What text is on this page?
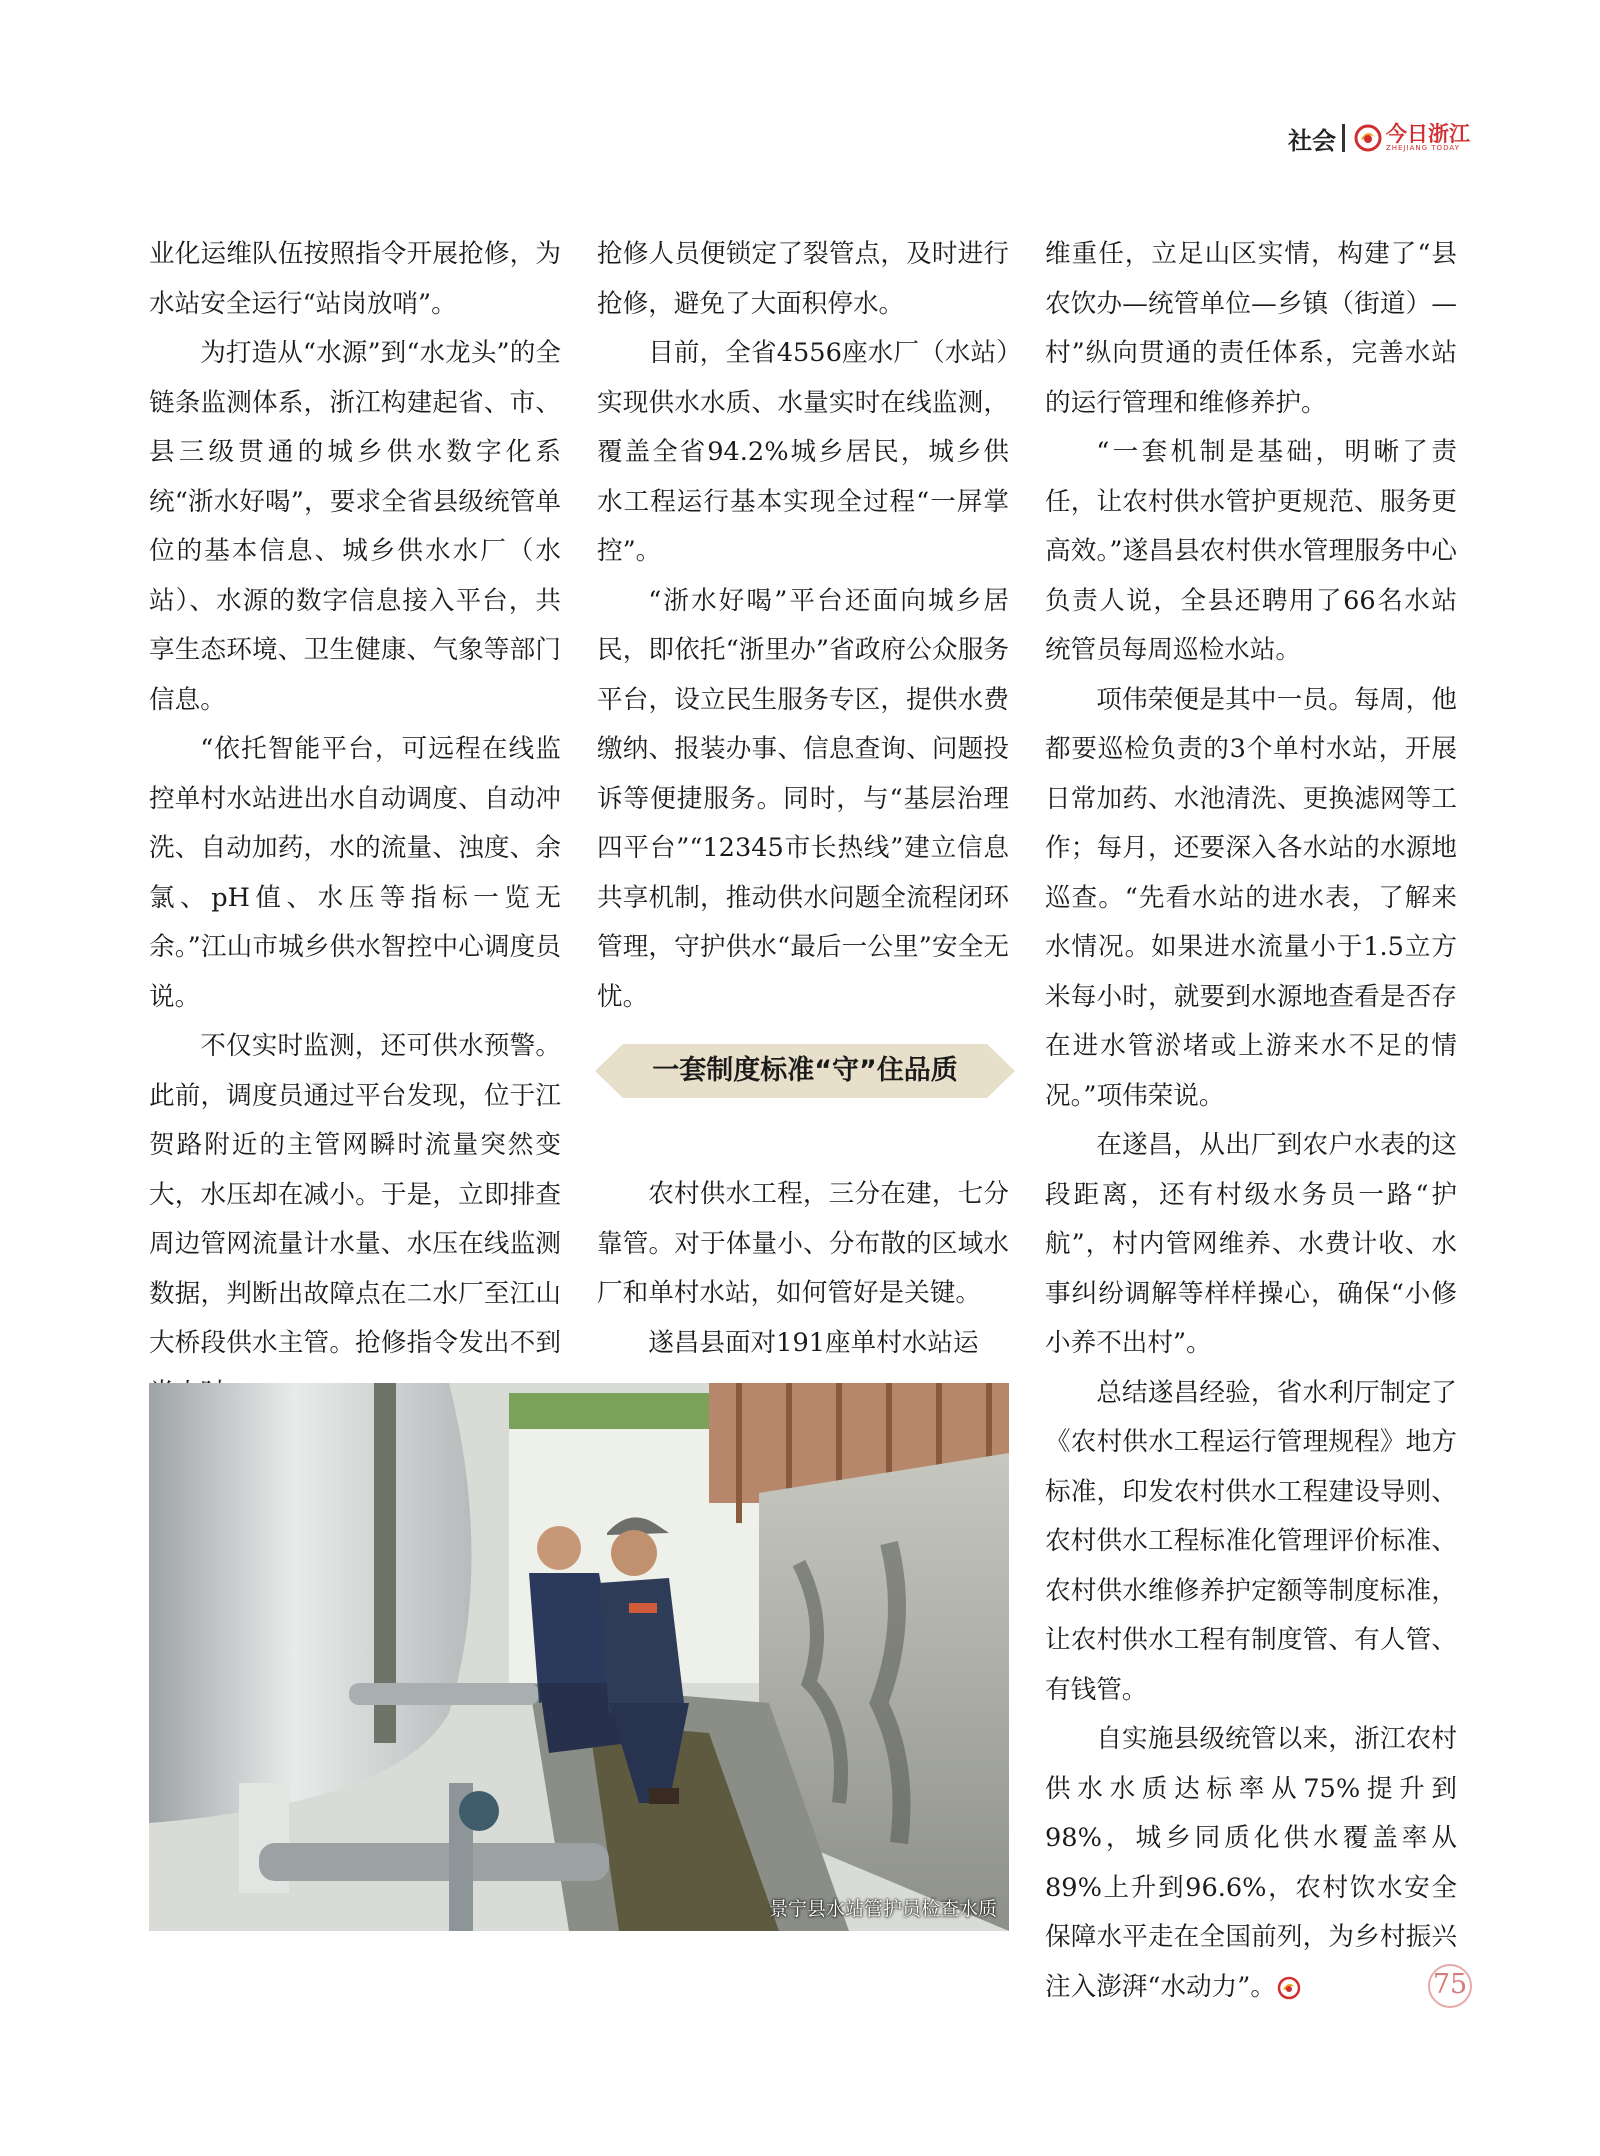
社会 今日浙江
ZHEJIANG TODAY

业化运维队伍按照指令开展抢修，为水站安全运行“站岗放哨”。

为打造从“水源”到“水龙头”的全链条监测体系，浙江构建起省、市、县三级贯通的城乡供水数字化系统“浙水好喝”，要求全省县级统管单位的基本信息、城乡供水水厂（水站）、水源的数字信息接入平台，共享生态环境、卫生健康、气象等部门信息。

“依托智能平台，可远程在线监控单村水站进出水自动调度、自动冲洗、自动加药，水的流量、浊度、余氯、pH值、水压等指标一览无余。”江山市城乡供水智控中心调度员说。

不仅实时监测，还可供水预警。此前，调度员通过平台发现，位于江贺路附近的主管网瞬时流量突然变大，水压却在减小。于是，立即排查周边管网流量计水量、水压在线监测数据，判断出故障点在二水厂至江山大桥段供水主管。抢修指令发出不到

抢修人员便锁定了裂管点，及时进行抢修，避免了大面积停水。

目前，全省4556座水厂（水站）实现供水水质、水量实时在线监测，覆盖全省94.2%城乡居民，城乡供水工程运行基本实现全过程“一屏掌控”。

“浙水好喝”平台还面向城乡居民，即依托“浙里办”省政府公众服务平台，设立民生服务专区，提供水费缴纳、报装办事、信息查询、问题投诉等便捷服务。同时，与“基层治理四平台”“12345市长热线”建立信息共享机制，推动供水问题全流程闭环管理，守护供水“最后一公里”安全无忧。

农村供水工程，三分在建，七分靠管。对于体量小、分布散的区域水厂和单村水站，如何管好是关键。

遂昌县面对191座单村水站运

一套制度标准“守”住品质

维重任，立足山区实情，构建了“县农饮办—统管单位—乡镇（街道）—村”纵向贯通的责任体系，完善水站的运行管理和维修养护。

“一套机制是基础，明晰了责任，让农村供水管护更规范、服务更高效。”遂昌县农村供水管理服务中心负责人说，全县还聘用了66名水站统管员每周巡检水站。

项伟荣便是其中一员。每周，他都要巡检负责的3个单村水站，开展日常加药、水池清洗、更换滤网等工作；每月，还要深入各水站的水源地巡查。“先看水站的进水表，了解来水情况。如果进水流量小于1.5立方米每小时，就要到水源地查看是否存在进水管淤堵或上游来水不足的情况。”项伟荣说。

在遂昌，从出厂到农户水表的这段距离，还有村级水务员一路“护航”，村内管网维养、水费计收、水事纠纷调解等样样操心，确保“小修小养不出村”。

总结遂昌经验，省水利厅制定了《农村供水工程运行管理规程》地方标准，印发农村供水工程建设导则、农村供水工程标准化管理评价标准、农村供水维修养护定额等制度标准，让农村供水工程有制度管、有人管、有钱管。

自实施县级统管以来，浙江农村供水水质达标率从75%提升到98%，城乡同质化供水覆盖率从89%上升到96.6%，农村饮水安全保障水平走在全国前列，为乡村振兴注入澎湃“水动力”。

景宁县水站管护员检查水质
75
